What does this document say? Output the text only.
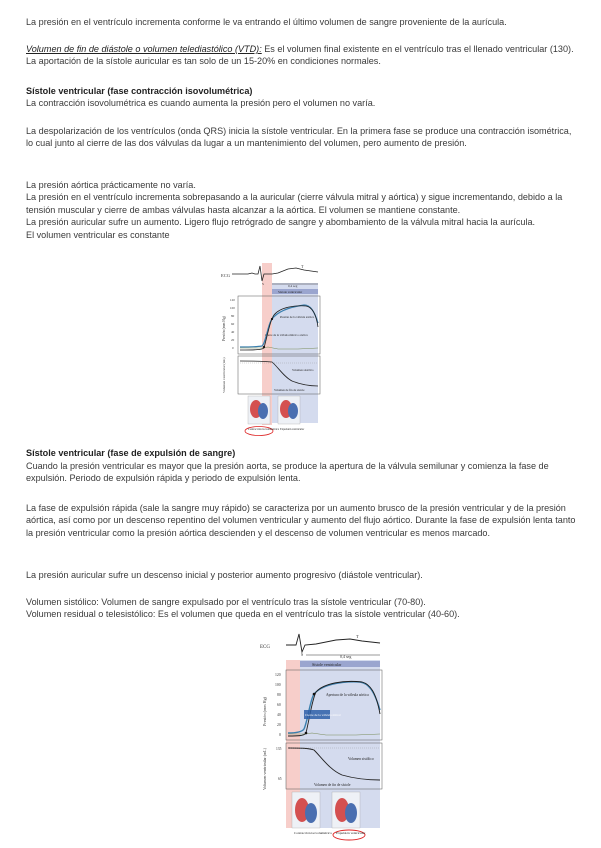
La presión en el ventrículo incrementa conforme le va entrando el último volumen de sangre proveniente de la aurícula.

Volumen de fin de diástole o volumen telediastólico (VTD): Es el volumen final existente en el ventrículo tras el llenado ventricular (130). La aportación de la sístole auricular es tan solo de un 15-20% en condiciones normales.

Sístole ventricular (fase contracción isovolumétrica)

La contracción isovolumétrica es cuando aumenta la presión pero el volumen no varía.

La despolarización de los ventrículos (onda QRS) inicia la sístole ventricular. En la primera fase se produce una contracción isométrica, lo cual junto al cierre de las dos válvulas da lugar a un mantenimiento del volumen, pero aumento de presión.

La presión aórtica prácticamente no varía.

La presión en el ventrículo incrementa sobrepasando a la auricular (cierre válvula mitral y aórtica) y sigue incrementando, debido a la tensión muscular y cierre de ambas válvulas hasta alcanzar a la aórtica. El volumen se mantiene constante.

La presión auricular sufre un aumento. Ligero flujo retrógrado de sangre y abombamiento de la válvula mitral hacia la aurícula.

El volumen ventricular es constante

Sístole ventricular (fase de expulsión de sangre)

Cuando la presión ventricular es mayor que la presión aorta, se produce la apertura de la válvula semilunar y comienza la fase de expulsión. Periodo de expulsión rápida y periodo de expulsión lenta.

La fase de expulsión rápida (sale la sangre muy rápido) se caracteriza por un aumento brusco de la presión ventricular y de la presión aórtica, así como por un descenso repentino del volumen ventricular y aumento del flujo aórtico. Durante la fase de expulsión lenta tanto la presión ventricular como la presión aórtica descienden y el descenso de volumen ventricular es menos marcado.

La presión auricular sufre un descenso inicial y posterior aumento progresivo (diástole ventricular).

Volumen sistólico: Volumen de sangre expulsado por el ventrículo tras la sístole ventricular (70-80).

Volumen residual o telesistólico: Es el volumen que queda en el ventrículo tras la sístole ventricular (40-60).

ECG
T
S	0,4 seg
Sístole ventricular
Presión (mm Hg)
120
100
80
60
40
20
0
Presión de la válvula aórtica
Cierre de la válvula mitral o aórtica
Volumen ventricular (mL)	Volumen sistólico
Volumen de fin de sístole
Contracción isovolumétrica Expulsión ventricular
ECG
T
S	0,4 seg
Sístole ventricular
Presión (mm Hg)
120
100
80
60
40
20
0
Apertura de la válvula aórtica
Cierre de la válvula mitral
Volumen ventricular (mL)	135
65
Volumen sistólico
Volumen de fin de sístole
Contracción isovolumétrica Expulsión ventricular
